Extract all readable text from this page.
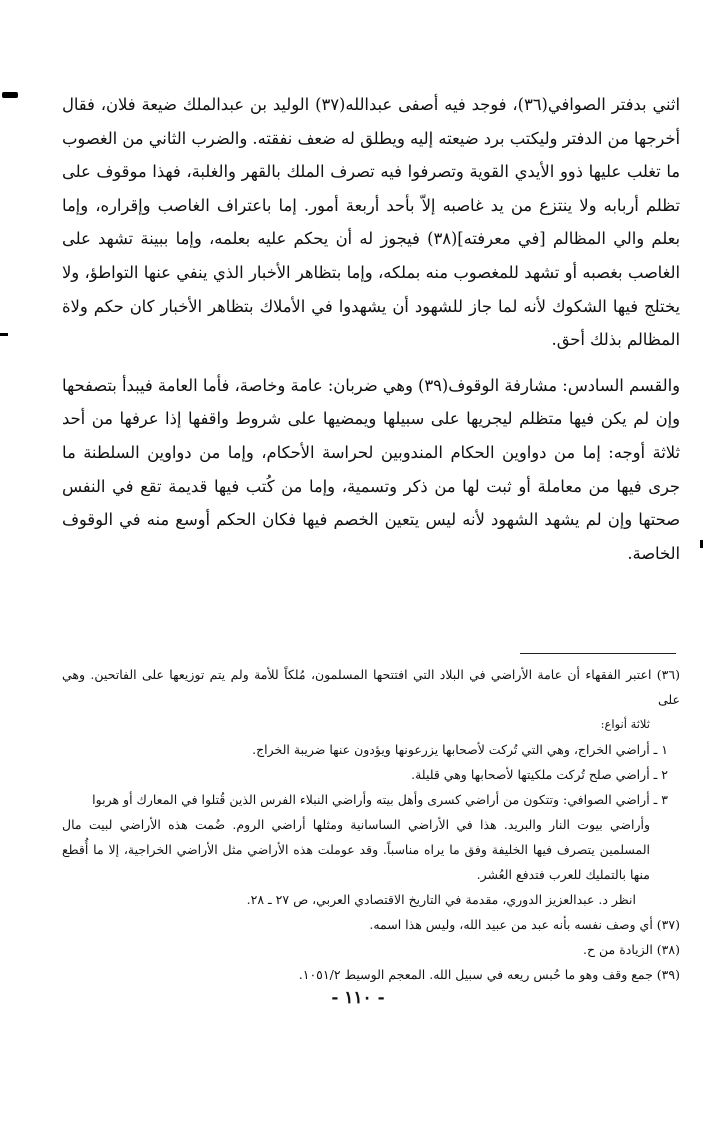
اثني بدفتر الصوافي(٣٦)، فوجد فيه أصفى عبدالله(٣٧) الوليد بن عبدالملك ضيعة فلان، فقال أخرجها من الدفتر وليكتب برد ضيعته إليه ويطلق له ضعف نفقته. والضرب الثاني من الغصوب ما تغلب عليها ذوو الأيدي القوية وتصرفوا فيه تصرف الملك بالقهر والغلبة، فهذا موقوف على تظلم أربابه ولا ينتزع من يد غاصبه إلاّ بأحد أربعة أمور. إما باعتراف الغاصب وإقراره، وإما بعلم والي المظالم [في معرفته](٣٨) فيجوز له أن يحكم عليه بعلمه، وإما ببينة تشهد على الغاصب بغصبه أو تشهد للمغصوب منه بملكه، وإما بتظاهر الأخبار الذي ينفي عنها التواطؤ، ولا يختلج فيها الشكوك لأنه لما جاز للشهود أن يشهدوا في الأملاك بتظاهر الأخبار كان حكم ولاة المظالم بذلك أحق.

والقسم السادس: مشارفة الوقوف(٣٩) وهي ضربان: عامة وخاصة، فأما العامة فيبدأ بتصفحها وإن لم يكن فيها متظلم ليجريها على سبيلها ويمضيها على شروط واقفها إذا عرفها من أحد ثلاثة أوجه: إما من دواوين الحكام المندوبين لحراسة الأحكام، وإما من دواوين السلطنة ما جرى فيها من معاملة أو ثبت لها من ذكر وتسمية، وإما من كُتب فيها قديمة تقع في النفس صحتها وإن لم يشهد الشهود لأنه ليس يتعين الخصم فيها فكان الحكم أوسع منه في الوقوف الخاصة.

(٣٦) اعتبر الفقهاء أن عامة الأراضي في البلاد التي افتتحها المسلمون، مُلكاً للأمة ولم يتم توزيعها على الفاتحين. وهي على

ثلاثة أنواع:

١ ـ أراضي الخراج، وهي التي تُركت لأصحابها يزرعونها ويؤدون عنها ضريبة الخراج.

٢ ـ أراضي صلح تُركت ملكيتها لأصحابها وهي قليلة.

٣ ـ أراضي الصوافي: وتتكون من أراضي كسرى وأهل بيته وأراضي النبلاء الفرس الذين قُتلوا في المعارك أو هربوا

وأراضي بيوت النار والبريد. هذا في الأراضي الساسانية ومثلها أراضي الروم. ضُمت هذه الأراضي لبيت مال المسلمين يتصرف فيها الخليفة وفق ما يراه مناسباً. وقد عوملت هذه الأراضي مثل الأراضي الخراجية، إلا ما أُقطع منها بالتمليك للعرب فتدفع العُشر.

انظر د. عبدالعزيز الدوري، مقدمة في التاريخ الاقتصادي العربي، ص ٢٧ ـ ٢٨.

(٣٧) أي وصف نفسه بأنه عبد من عبيد الله، وليس هذا اسمه.

(٣٨) الزيادة من ح.

(٣٩) جمع وقف وهو ما حُبس ريعه في سبيل الله. المعجم الوسيط ١٠٥١/٢.

- ١١٠ -
